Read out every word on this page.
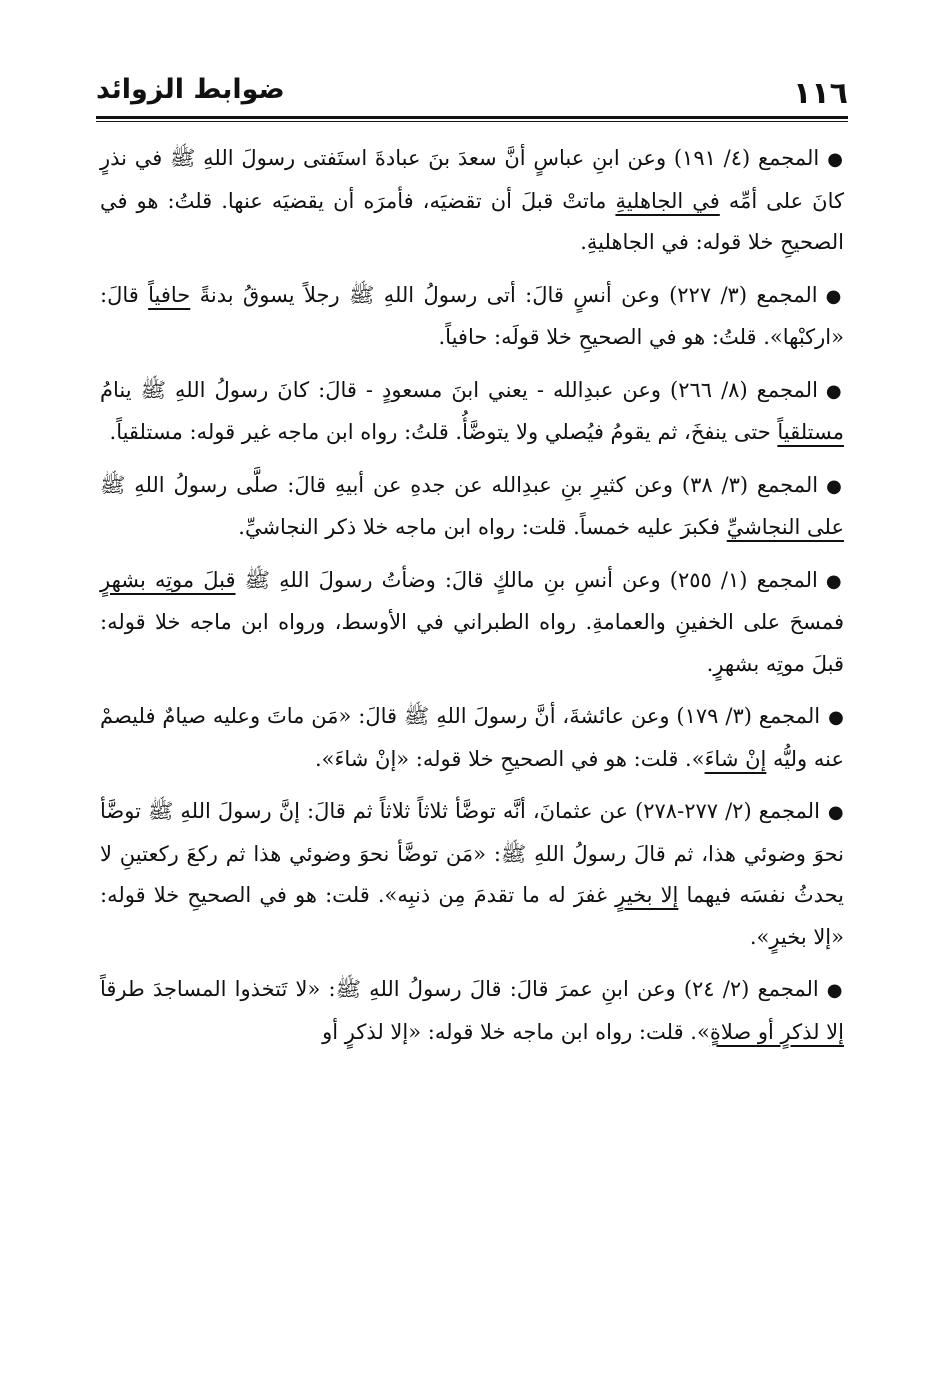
١١٦
ضوابط الزوائد

●المجمع (٤/ ١٩١) وعن ابنِ عباسٍ أنَّ سعدَ بنَ عبادةَ استَفتى رسولَ اللهِ ﷺ في نذرٍ كانَ على أمِّه في الجاهليةِ ماتتْ قبلَ أن تقضيَه، فأمرَه أن يقضيَه عنها. قلتُ: هو في الصحيحِ خلا قوله: في الجاهليةِ.

●المجمع (٣/ ٢٢٧) وعن أنسٍ قالَ: أتى رسولُ اللهِ ﷺ رجلاً يسوقُ بدنةً حافياً قالَ: «اركبْها». قلتُ: هو في الصحيحِ خلا قولَه: حافياً.

●المجمع (٨/ ٢٦٦) وعن عبدِالله - يعني ابنَ مسعودٍ - قالَ: كانَ رسولُ اللهِ ﷺ ينامُ مستلقياً حتى ينفخَ، ثم يقومُ فيُصلي ولا يتوضَّأُ. قلتُ: رواه ابن ماجه غير قوله: مستلقياً.

●المجمع (٣/ ٣٨) وعن كثيرِ بنِ عبدِالله عن جدهِ عن أبيهِ قالَ: صلَّى رسولُ اللهِ ﷺ على النجاشيِّ فكبرَ عليه خمساً. قلت: رواه ابن ماجه خلا ذكر النجاشيِّ.

●المجمع (١/ ٢٥٥) وعن أنسِ بنِ مالكٍ قالَ: وضأتُ رسولَ اللهِ ﷺ قبلَ موتِه بشهرٍ فمسحَ على الخفينِ والعمامةِ. رواه الطبراني في الأوسط، ورواه ابن ماجه خلا قوله: قبلَ موتِه بشهرٍ.

●المجمع (٣/ ١٧٩) وعن عائشةَ، أنَّ رسولَ اللهِ ﷺ قالَ: «مَن ماتَ وعليه صيامٌ فليصمْ عنه وليُّه إنْ شاءَ». قلت: هو في الصحيحِ خلا قوله: «إنْ شاءَ».

●المجمع (٢/ ٢٧٧-٢٧٨) عن عثمانَ، أنَّه توضَّأ ثلاثاً ثلاثاً ثم قالَ: إنَّ رسولَ اللهِ ﷺ توضَّأ نحوَ وضوئي هذا، ثم قالَ رسولُ اللهِ ﷺ: «مَن توضَّأ نحوَ وضوئي هذا ثم ركعَ ركعتينِ لا يحدثُ نفسَه فيهما إلا بخيرٍ غفرَ له ما تقدمَ مِن ذنبِه». قلت: هو في الصحيحِ خلا قوله: «إلا بخيرٍ».

●المجمع (٢/ ٢٤) وعن ابنِ عمرَ قالَ: قالَ رسولُ اللهِ ﷺ: «لا تَتخذوا المساجدَ طرقاً إلا لذكرٍ أو صلاةٍ». قلت: رواه ابن ماجه خلا قوله: «إلا لذكرٍ أو
